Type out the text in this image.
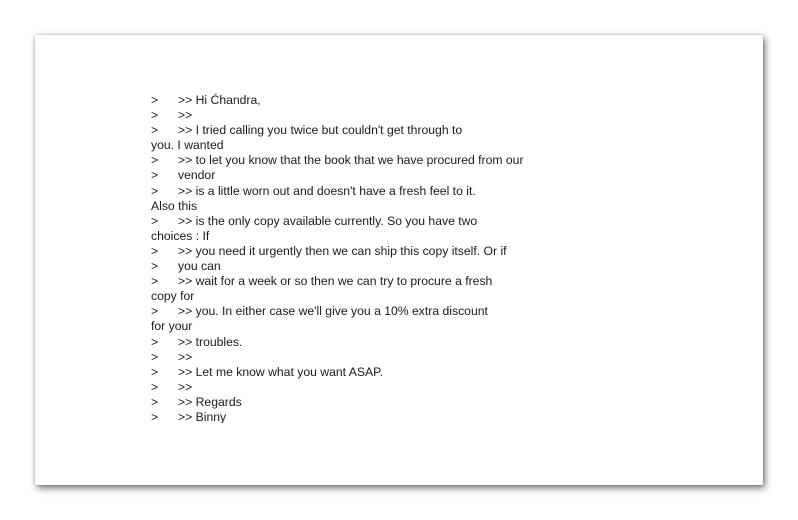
> >> Hi Ćhandra,
> >>
> >> I tried calling you twice but couldn't get through to
you. I wanted
> >> to let you know that the book that we have procured from our
> vendor
> >> is a little worn out and doesn't have a fresh feel to it.
Also this
> >> is the only copy available currently. So you have two
choices : If
> >> you need it urgently then we can ship this copy itself. Or if
> you can
> >> wait for a week or so then we can try to procure a fresh
copy for
> >> you. In either case we'll give you a 10% extra discount
for your
> >> troubles.
> >>
> >> Let me know what you want ASAP.
> >>
> >> Regards
> >> Binny
